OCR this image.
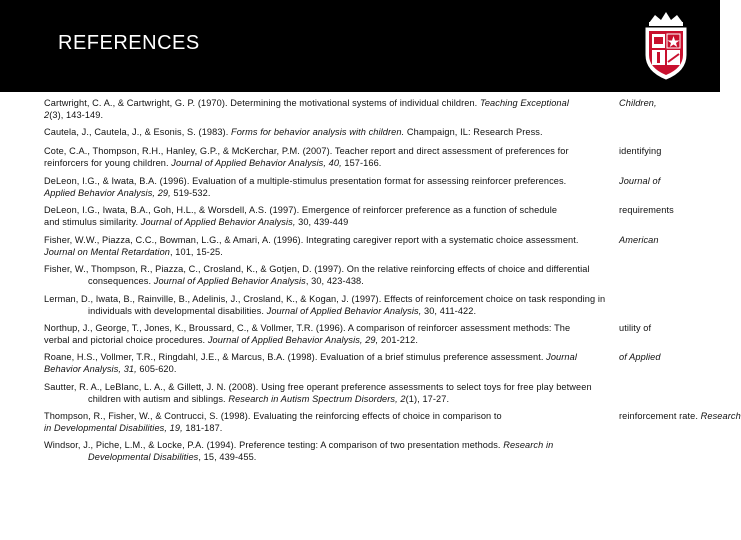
REFERENCES
Cartwright, C. A., & Cartwright, G. P. (1970). Determining the motivational systems of individual children. Teaching Exceptional	Children,
2(3), 143-149.
Cautela, J., Cautela, J., & Esonis, S. (1983). Forms for behavior analysis with children. Champaign, IL: Research Press.
Cote, C.A., Thompson, R.H., Hanley, G.P., & McKerchar, P.M. (2007). Teacher report and direct assessment of preferences for	identifying
reinforcers for young children. Journal of Applied Behavior Analysis, 40, 157-166.
DeLeon, I.G., & Iwata, B.A. (1996). Evaluation of a multiple-stimulus presentation format for assessing reinforcer preferences.	Journal of
Applied Behavior Analysis, 29, 519-532.
DeLeon, I.G., Iwata, B.A., Goh, H.L., & Worsdell, A.S. (1997). Emergence of reinforcer preference as a function of schedule	requirements
and stimulus similarity. Journal of Applied Behavior Analysis, 30, 439-449
Fisher, W.W., Piazza, C.C., Bowman, L.G., & Amari, A. (1996). Integrating caregiver report with a systematic choice assessment.	American
Journal on Mental Retardation, 101, 15-25.
Fisher, W., Thompson, R., Piazza, C., Crosland, K., & Gotjen, D. (1997). On the relative reinforcing effects of choice and differential
consequences. Journal of Applied Behavior Analysis, 30, 423-438.
Lerman, D., Iwata, B., Rainville, B., Adelinis, J., Crosland, K., & Kogan, J. (1997). Effects of reinforcement choice on task responding in
individuals with developmental disabilities. Journal of Applied Behavior Analysis, 30, 411-422.
Northup, J., George, T., Jones, K., Broussard, C., & Vollmer, T.R. (1996). A comparison of reinforcer assessment methods: The	utility of
verbal and pictorial choice procedures. Journal of Applied Behavior Analysis, 29, 201-212.
Roane, H.S., Vollmer, T.R., Ringdahl, J.E., & Marcus, B.A. (1998). Evaluation of a brief stimulus preference assessment. Journal	of Applied
Behavior Analysis, 31, 605-620.
Sautter, R. A., LeBlanc, L. A., & Gillett, J. N. (2008). Using free operant preference assessments to select toys for free play between
children with autism and siblings. Research in Autism Spectrum Disorders, 2(1), 17-27.
Thompson, R., Fisher, W., & Contrucci, S. (1998). Evaluating the reinforcing effects of choice in comparison to	reinforcement rate. Research
in Developmental Disabilities, 19, 181-187.
Windsor, J., Piche, L.M., & Locke, P.A. (1994). Preference testing: A comparison of two presentation methods. Research in
Developmental Disabilities, 15, 439-455.
